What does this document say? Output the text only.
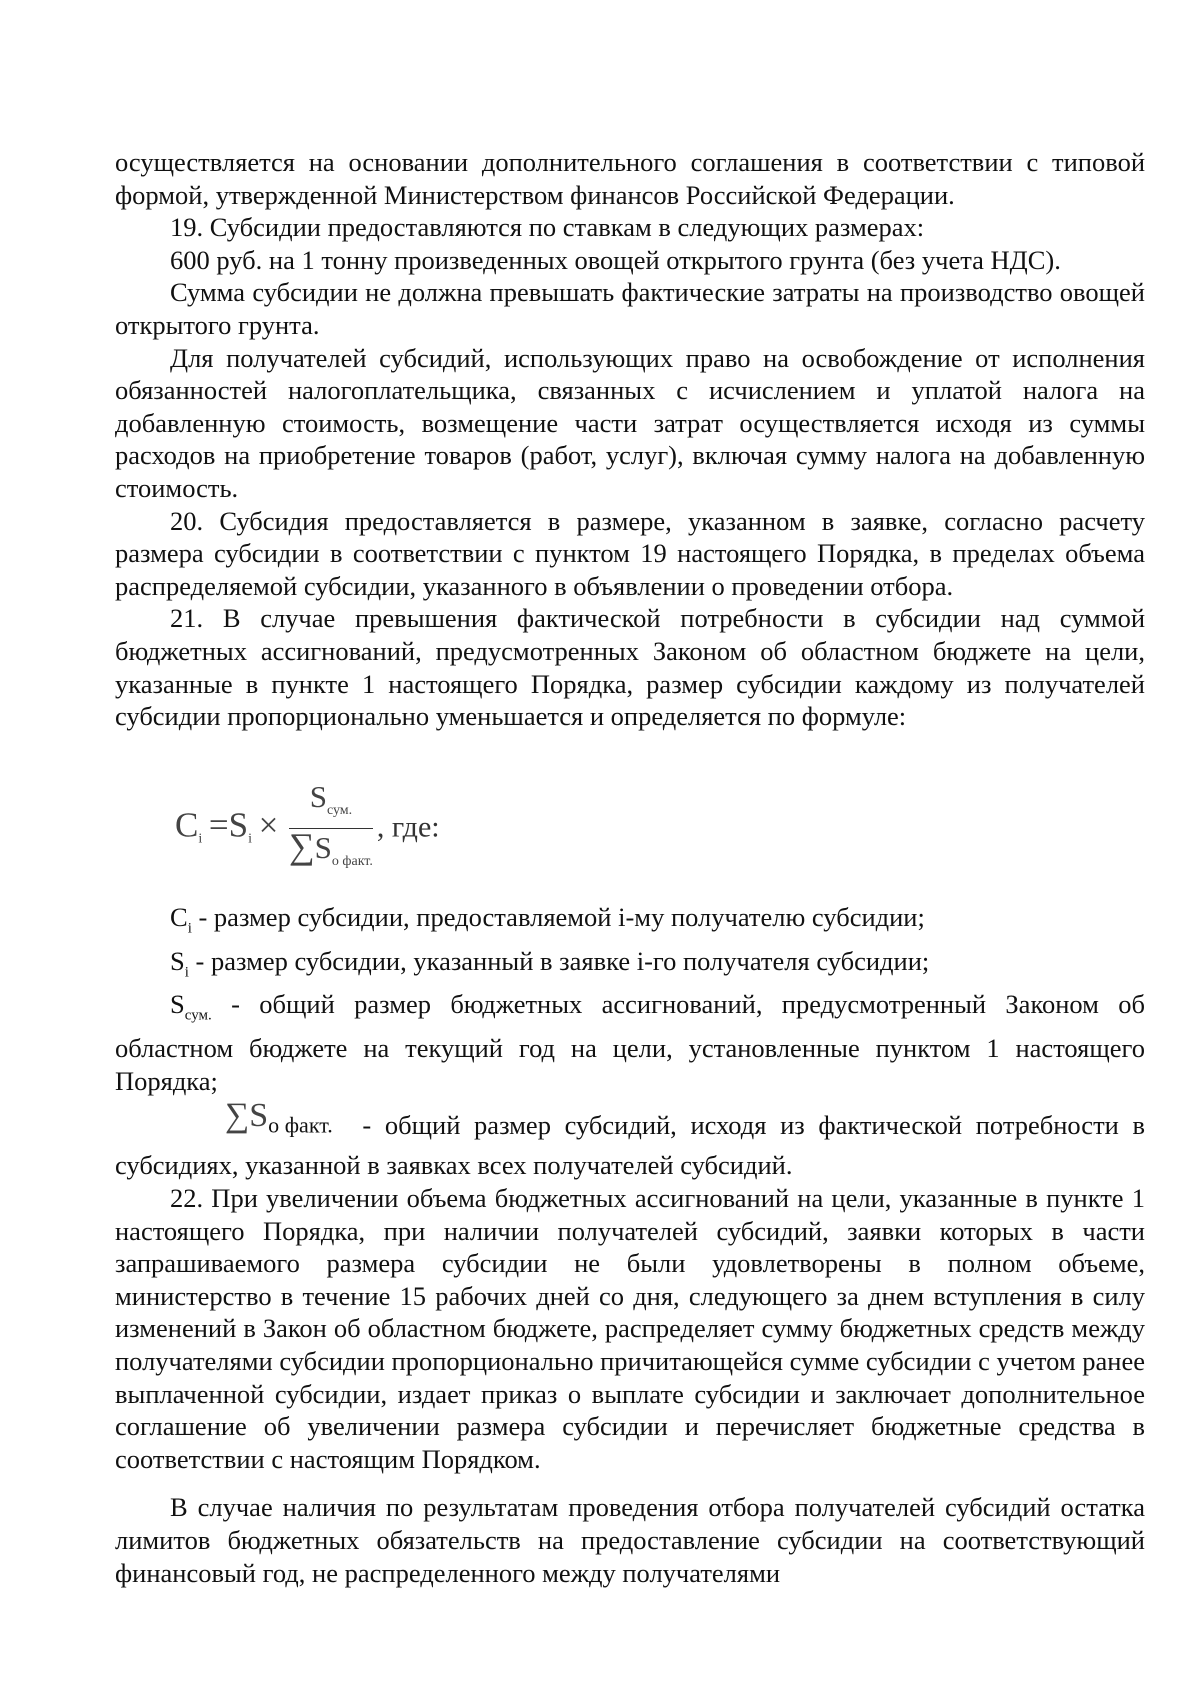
осуществляется на основании дополнительного соглашения в соответствии с типовой формой, утвержденной Министерством финансов Российской Федерации.

19. Субсидии предоставляются по ставкам в следующих размерах:

600 руб. на 1 тонну произведенных овощей открытого грунта (без учета НДС).

Сумма субсидии не должна превышать фактические затраты на производство овощей открытого грунта.

Для получателей субсидий, использующих право на освобождение от исполнения обязанностей налогоплательщика, связанных с исчислением и уплатой налога на добавленную стоимость, возмещение части затрат осуществляется исходя из суммы расходов на приобретение товаров (работ, услуг), включая сумму налога на добавленную стоимость.

20. Субсидия предоставляется в размере, указанном в заявке, согласно расчету размера субсидии в соответствии с пунктом 19 настоящего Порядка, в пределах объема распределяемой субсидии, указанного в объявлении о проведении отбора.

21. В случае превышения фактической потребности в субсидии над суммой бюджетных ассигнований, предусмотренных Законом об областном бюджете на цели, указанные в пункте 1 настоящего Порядка, размер субсидии каждому из получателей субсидии пропорционально уменьшается и определяется по формуле:

$C_i =S_i \times \frac{S_{сум.}}{\sum S_{о факт.}}$ , где:

$C_i$ - размер субсидии, предоставляемой i-му получателю субсидии;

$S_i$ - размер субсидии, указанный в заявке i-го получателя субсидии;

$S_{сум.}$ - общий размер бюджетных ассигнований, предусмотренный Законом об областном бюджете на текущий год на цели, установленные пунктом 1 настоящего Порядка;

$\sum S_{о факт.}$ - общий размер субсидий, исходя из фактической потребности в субсидиях, указанной в заявках всех получателей субсидий.

22. При увеличении объема бюджетных ассигнований на цели, указанные в пункте 1 настоящего Порядка, при наличии получателей субсидий, заявки которых в части запрашиваемого размера субсидии не были удовлетворены в полном объеме, министерство в течение 15 рабочих дней со дня, следующего за днем вступления в силу изменений в Закон об областном бюджете, распределяет сумму бюджетных средств между получателями субсидии пропорционально причитающейся сумме субсидии с учетом ранее выплаченной субсидии, издает приказ о выплате субсидии и заключает дополнительное соглашение об увеличении размера субсидии и перечисляет бюджетные средства в соответствии с настоящим Порядком.

В случае наличия по результатам проведения отбора получателей субсидий остатка лимитов бюджетных обязательств на предоставление субсидии на соответствующий финансовый год, не распределенного между получателями
